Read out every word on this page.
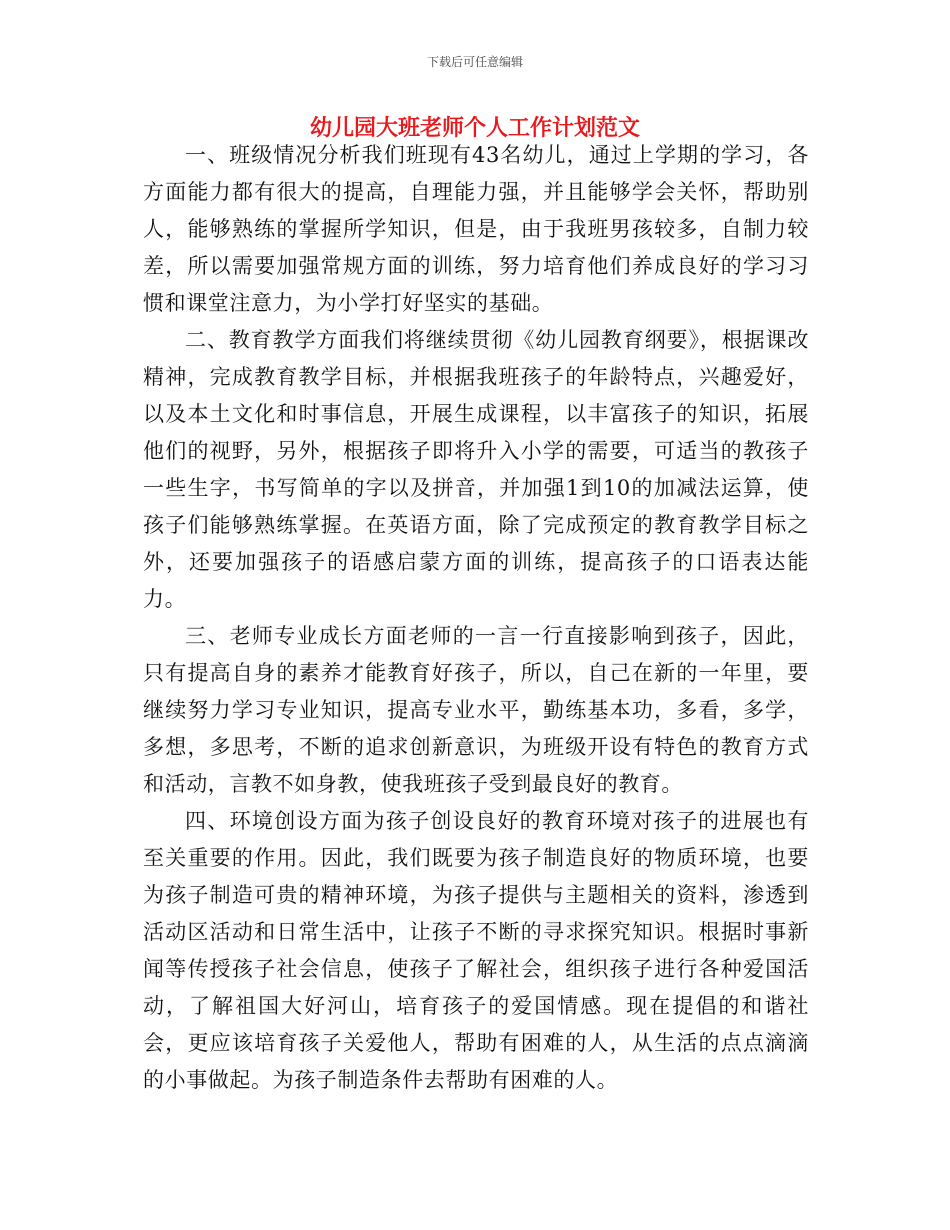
下载后可任意编辑
幼儿园大班老师个人工作计划范文

一、班级情况分析我们班现有43名幼儿，通过上学期的学习，各方面能力都有很大的提高，自理能力强，并且能够学会关怀，帮助别人，能够熟练的掌握所学知识，但是，由于我班男孩较多，自制力较差，所以需要加强常规方面的训练，努力培育他们养成良好的学习习惯和课堂注意力，为小学打好坚实的基础。

二、教育教学方面我们将继续贯彻《幼儿园教育纲要》，根据课改精神，完成教育教学目标，并根据我班孩子的年龄特点，兴趣爱好，以及本土文化和时事信息，开展生成课程，以丰富孩子的知识，拓展他们的视野，另外，根据孩子即将升入小学的需要，可适当的教孩子一些生字，书写简单的字以及拼音，并加强1到10的加减法运算，使孩子们能够熟练掌握。在英语方面，除了完成预定的教育教学目标之外，还要加强孩子的语感启蒙方面的训练，提高孩子的口语表达能力。

三、老师专业成长方面老师的一言一行直接影响到孩子，因此，只有提高自身的素养才能教育好孩子，所以，自己在新的一年里，要继续努力学习专业知识，提高专业水平，勤练基本功，多看，多学，多想，多思考，不断的追求创新意识，为班级开设有特色的教育方式和活动，言教不如身教，使我班孩子受到最良好的教育。

四、环境创设方面为孩子创设良好的教育环境对孩子的进展也有至关重要的作用。因此，我们既要为孩子制造良好的物质环境，也要为孩子制造可贵的精神环境，为孩子提供与主题相关的资料，渗透到活动区活动和日常生活中，让孩子不断的寻求探究知识。根据时事新闻等传授孩子社会信息，使孩子了解社会，组织孩子进行各种爱国活动，了解祖国大好河山，培育孩子的爱国情感。现在提倡的和谐社会，更应该培育孩子关爱他人，帮助有困难的人，从生活的点点滴滴的小事做起。为孩子制造条件去帮助有困难的人。
